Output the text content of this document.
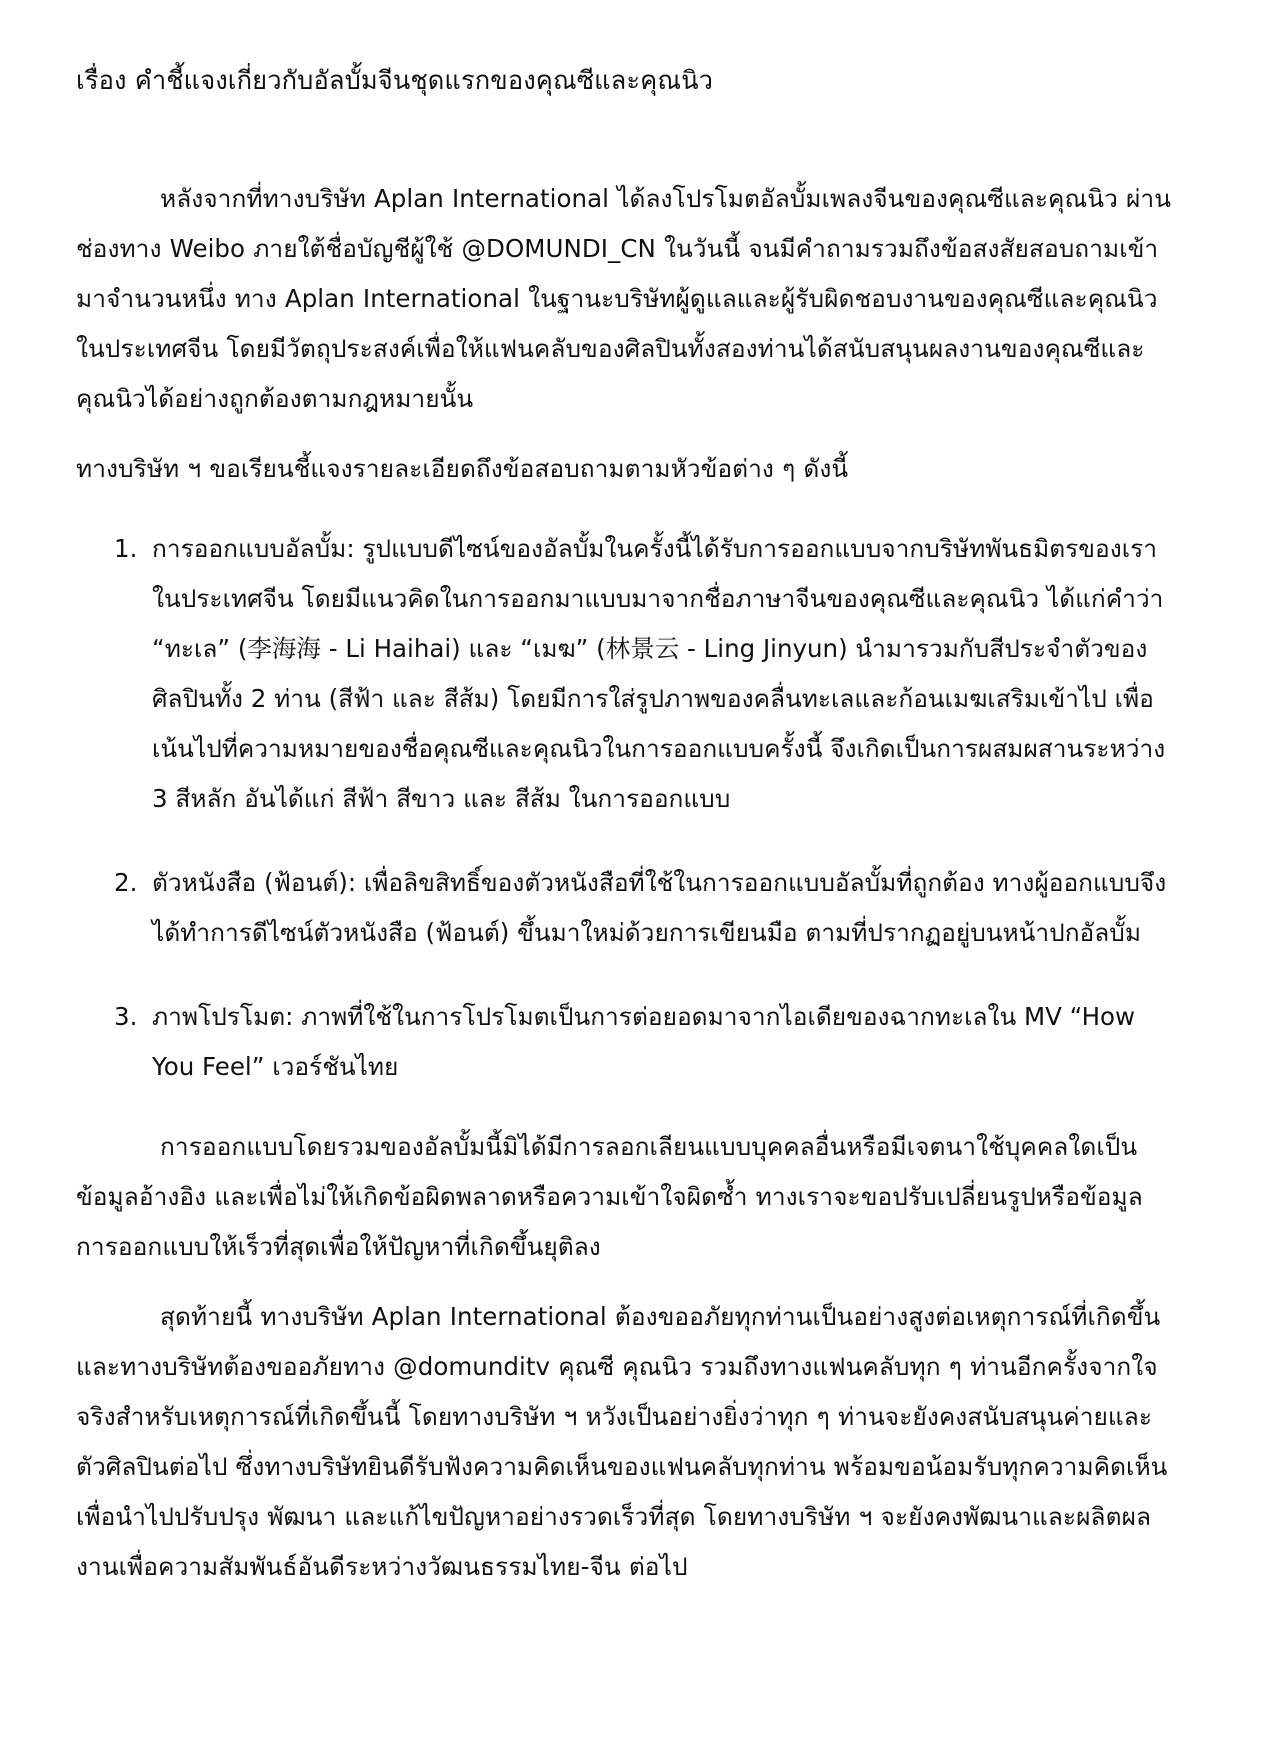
เรื่อง คำชี้แจงเกี่ยวกับอัลบั้มจีนชุดแรกของคุณซีและคุณนิว

หลังจากที่ทางบริษัท Aplan International ได้ลงโปรโมตอัลบั้มเพลงจีนของคุณซีและคุณนิว ผ่านช่องทาง Weibo ภายใต้ชื่อบัญชีผู้ใช้ @DOMUNDI_CN ในวันนี้ จนมีคำถามรวมถึงข้อสงสัยสอบถามเข้ามาจำนวนหนึ่ง ทาง Aplan International ในฐานะบริษัทผู้ดูแลและผู้รับผิดชอบงานของคุณซีและคุณนิวในประเทศจีน โดยมีวัตถุประสงค์เพื่อให้แฟนคลับของศิลปินทั้งสองท่านได้สนับสนุนผลงานของคุณซีและคุณนิวได้อย่างถูกต้องตามกฎหมายนั้น

ทางบริษัท ฯ ขอเรียนชี้แจงรายละเอียดถึงข้อสอบถามตามหัวข้อต่าง ๆ ดังนี้

การออกแบบอัลบั้ม: รูปแบบดีไซน์ของอัลบั้มในครั้งนี้ได้รับการออกแบบจากบริษัทพันธมิตรของเราในประเทศจีน โดยมีแนวคิดในการออกมาแบบมาจากชื่อภาษาจีนของคุณซีและคุณนิว ได้แก่คำว่า “ทะเล” (李海海 - Li Haihai) และ “เมฆ” (林景云 - Ling Jinyun) นำมารวมกับสีประจำตัวของศิลปินทั้ง 2 ท่าน (สีฟ้า และ สีส้ม) โดยมีการใส่รูปภาพของคลื่นทะเลและก้อนเมฆเสริมเข้าไป เพื่อเน้นไปที่ความหมายของชื่อคุณซีและคุณนิวในการออกแบบครั้งนี้ จึงเกิดเป็นการผสมผสานระหว่าง 3 สีหลัก อันได้แก่ สีฟ้า สีขาว และ สีส้ม ในการออกแบบ
ตัวหนังสือ (ฟ้อนต์): เพื่อลิขสิทธิ์ของตัวหนังสือที่ใช้ในการออกแบบอัลบั้มที่ถูกต้อง ทางผู้ออกแบบจึงได้ทำการดีไซน์ตัวหนังสือ (ฟ้อนต์) ขึ้นมาใหม่ด้วยการเขียนมือ ตามที่ปรากฏอยู่บนหน้าปกอัลบั้ม
ภาพโปรโมต: ภาพที่ใช้ในการโปรโมตเป็นการต่อยอดมาจากไอเดียของฉากทะเลใน MV “How You Feel” เวอร์ชันไทย

การออกแบบโดยรวมของอัลบั้มนี้มิได้มีการลอกเลียนแบบบุคคลอื่นหรือมีเจตนาใช้บุคคลใดเป็นข้อมูลอ้างอิง และเพื่อไม่ให้เกิดข้อผิดพลาดหรือความเข้าใจผิดซ้ำ ทางเราจะขอปรับเปลี่ยนรูปหรือข้อมูลการออกแบบให้เร็วที่สุดเพื่อให้ปัญหาที่เกิดขึ้นยุติลง

สุดท้ายนี้ ทางบริษัท Aplan International ต้องขออภัยทุกท่านเป็นอย่างสูงต่อเหตุการณ์ที่เกิดขึ้นและทางบริษัทต้องขออภัยทาง @domunditv คุณซี คุณนิว รวมถึงทางแฟนคลับทุก ๆ ท่านอีกครั้งจากใจจริงสำหรับเหตุการณ์ที่เกิดขึ้นนี้ โดยทางบริษัท ฯ หวังเป็นอย่างยิ่งว่าทุก ๆ ท่านจะยังคงสนับสนุนค่ายและตัวศิลปินต่อไป ซึ่งทางบริษัทยินดีรับฟังความคิดเห็นของแฟนคลับทุกท่าน พร้อมขอน้อมรับทุกความคิดเห็นเพื่อนำไปปรับปรุง พัฒนา และแก้ไขปัญหาอย่างรวดเร็วที่สุด โดยทางบริษัท ฯ จะยังคงพัฒนาและผลิตผลงานเพื่อความสัมพันธ์อันดีระหว่างวัฒนธรรมไทย-จีน ต่อไป
